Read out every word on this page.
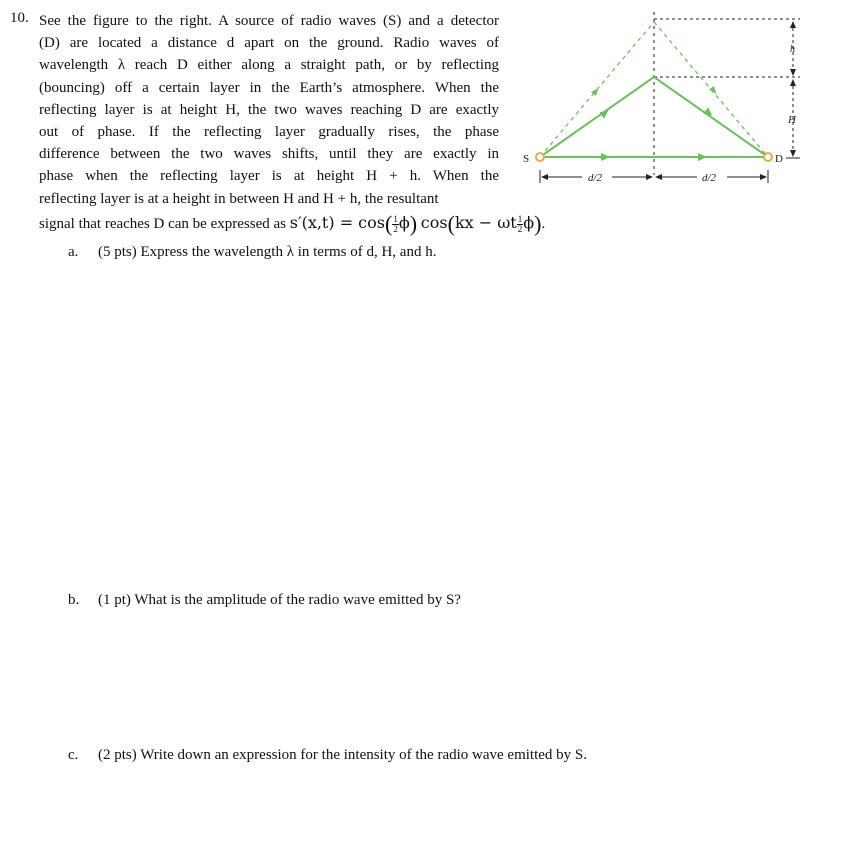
10. See the figure to the right. A source of radio waves (S) and a detector
(D) are located a distance d apart on the ground. Radio waves of
wavelength λ reach D either along a straight path, or by reflecting
(bouncing) off a certain layer in the Earth’s atmosphere. When the
reflecting layer is at height H, the two waves reaching D are exactly
out of phase. If the reflecting layer gradually rises, the phase
difference between the two waves shifts, until they are exactly in
phase when the reflecting layer is at height H + h. When the
reflecting layer is at a height in between H and H + h, the resultant
signal that reaches D can be expressed as $s'(x,t) = \cos( \frac{1}{2} \phi)$ cos(kx − ωt $\frac{1}{2} \phi$).
a. (5 pts) Express the wavelength λ in terms of d, H, and h.
b. (1 pt) What is the amplitude of the radio wave emitted by S?
c. (2 pts) Write down an expression for the intensity of the radio wave emitted by S.
S	D
d/2	d/2
h
H
